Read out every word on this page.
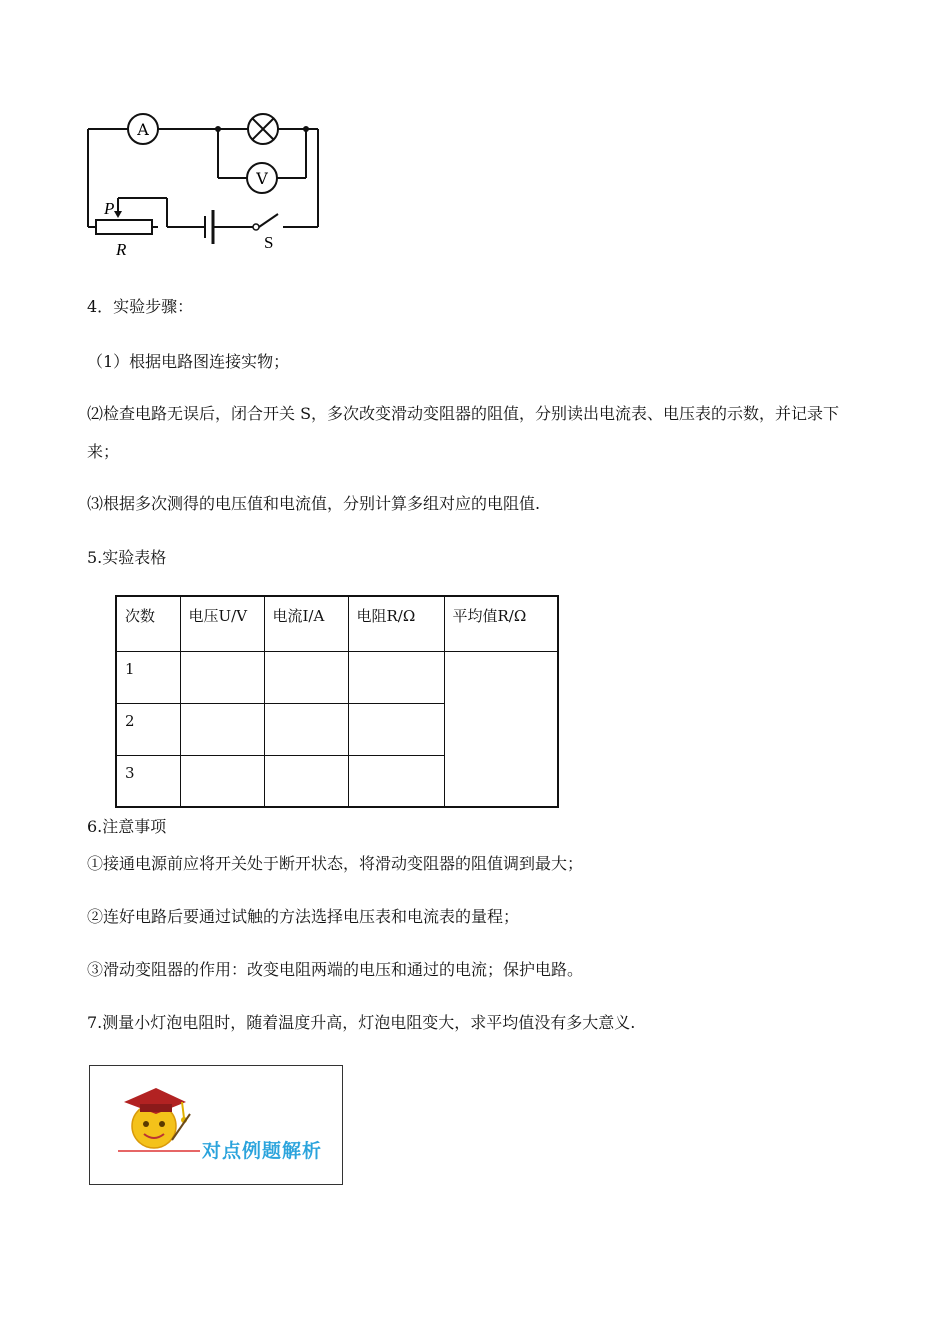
A
V
P
R	S
4．实验步骤：
（1）根据电路图连接实物；
⑵检查电路无误后，闭合开关 S，多次改变滑动变阻器的阻值，分别读出电流表、电压表的示数，并记录下来；
⑶根据多次测得的电压值和电流值，分别计算多组对应的电阻值.
5.实验表格
次数	电压U/V	电流I/A	电阻R/Ω	平均值R/Ω
1				
2				
3				
6.注意事项
①接通电源前应将开关处于断开状态，将滑动变阻器的阻值调到最大；
②连好电路后要通过试触的方法选择电压表和电流表的量程；
③滑动变阻器的作用：改变电阻两端的电压和通过的电流；保护电路。
7.测量小灯泡电阻时，随着温度升高，灯泡电阻变大，求平均值没有多大意义.
对点例题解析
